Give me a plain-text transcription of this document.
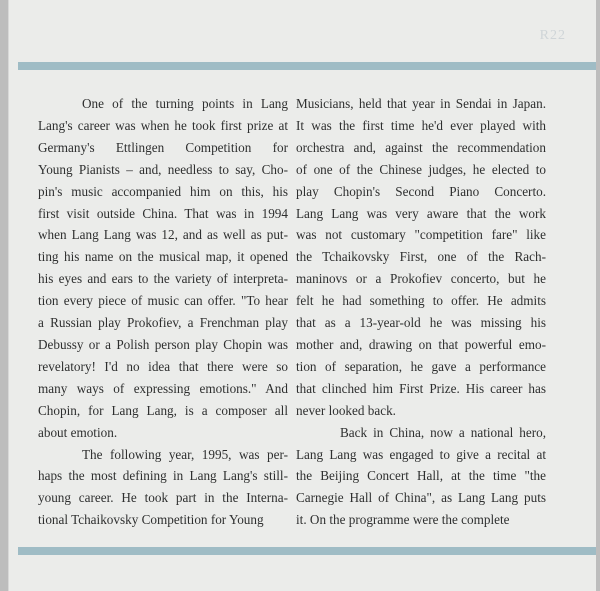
R22

One of the turning points in Lang
Lang's career was when he took first prize at
Germany's Ettlingen Competition for
Young Pianists – and, needless to say, Cho-
pin's music accompanied him on this, his
first visit outside China. That was in 1994
when Lang Lang was 12, and as well as put-
ting his name on the musical map, it opened
his eyes and ears to the variety of interpreta-
tion every piece of music can offer. "To hear
a Russian play Prokofiev, a Frenchman play
Debussy or a Polish person play Chopin was
revelatory! I'd no idea that there were so
many ways of expressing emotions." And
Chopin, for Lang Lang, is a composer all
about emotion.

The following year, 1995, was per-
haps the most defining in Lang Lang's still-
young career. He took part in the Interna-
tional Tchaikovsky Competition for Young

Musicians, held that year in Sendai in Japan.
It was the first time he'd ever played with
orchestra and, against the recommendation
of one of the Chinese judges, he elected to
play Chopin's Second Piano Concerto.
Lang Lang was very aware that the work
was not customary "competition fare" like
the Tchaikovsky First, one of the Rach-
maninovs or a Prokofiev concerto, but he
felt he had something to offer. He admits
that as a 13-year-old he was missing his
mother and, drawing on that powerful emo-
tion of separation, he gave a performance
that clinched him First Prize. His career has
never looked back.

Back in China, now a national hero,
Lang Lang was engaged to give a recital at
the Beijing Concert Hall, at the time "the
Carnegie Hall of China", as Lang Lang puts
it. On the programme were the complete
